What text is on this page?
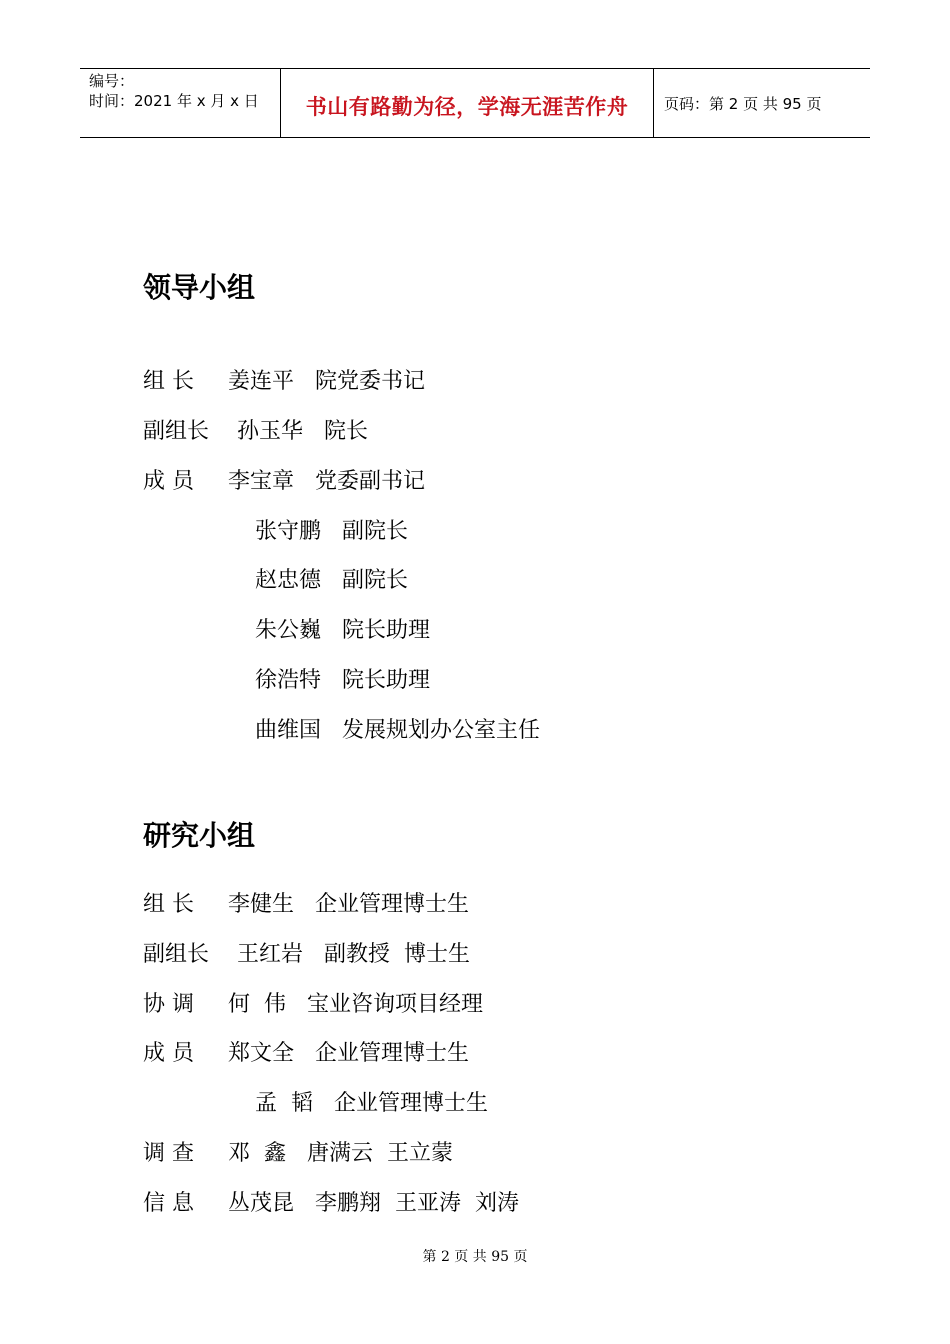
编号：
时间：2021 年 x 月 x 日	书山有路勤为径，学海无涯苦作舟	页码：第 2 页 共 95 页
领导小组
组 长 姜连平 院党委书记
副组长 孙玉华 院长
成 员 李宝章 党委副书记
张守鹏 副院长
赵忠德 副院长
朱公巍 院长助理
徐浩特 院长助理
曲维国 发展规划办公室主任
研究小组
组 长 李健生   企业管理博士生
副组长 王红岩   副教授  博士生
协 调 何  伟   宝业咨询项目经理
成 员 郑文全   企业管理博士生
孟  韬   企业管理博士生
调 查 邓  鑫   唐满云  王立蒙
信 息 丛茂昆   李鹏翔  王亚涛  刘涛
第 2 页 共 95 页
